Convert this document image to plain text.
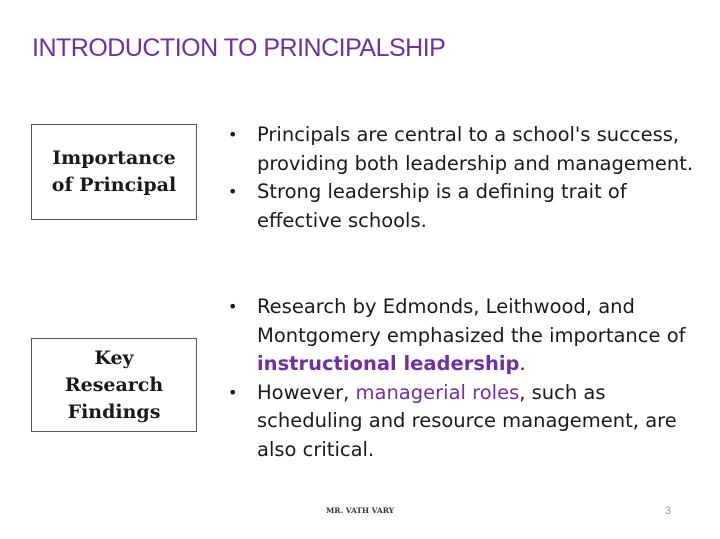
INTRODUCTION TO PRINCIPALSHIP
Importance
of Principal
• Principals are central to a school's success, providing both leadership and management.
• Strong leadership is a defining trait of effective schools.
Key
Research
Findings
• Research by Edmonds, Leithwood, and Montgomery emphasized the importance of instructional leadership.
• However, managerial roles, such as scheduling and resource management, are also critical.
MR. VATH VARY	3
